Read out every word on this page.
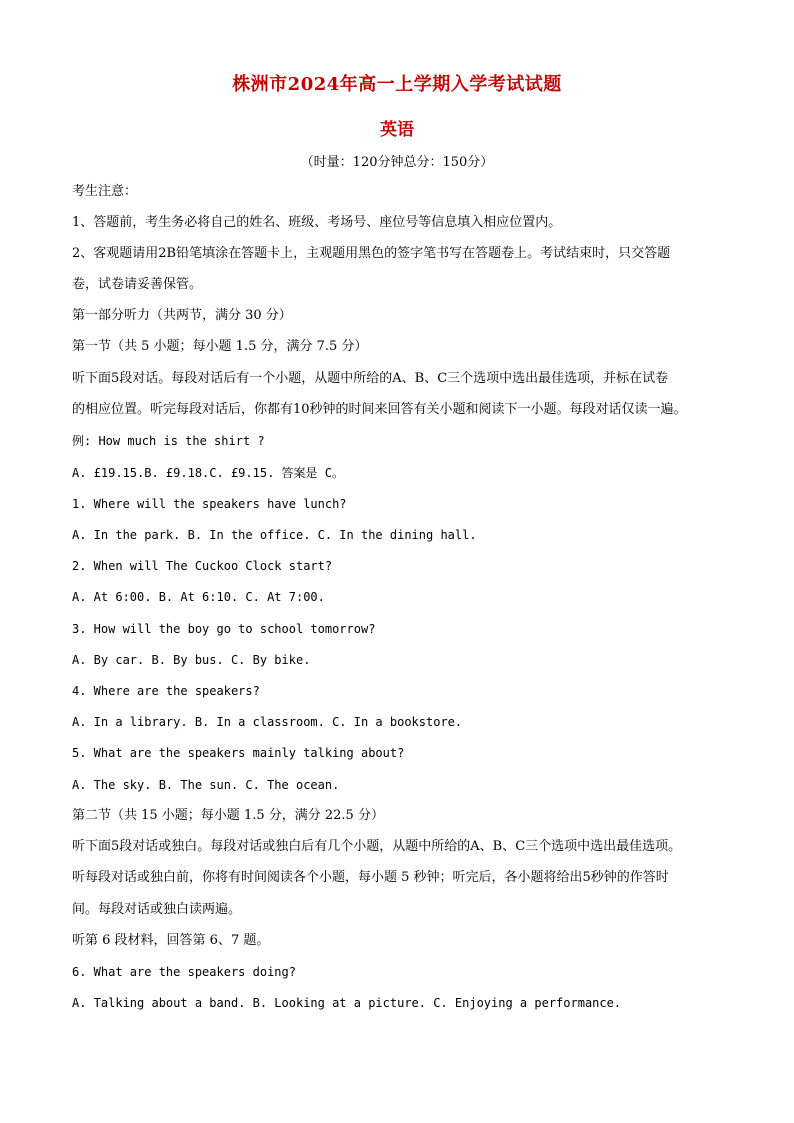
株洲市2024年高一上学期入学考试试题
英语
（时量：120分钟总分：150分）
考生注意：
1、答题前，考生务必将自己的姓名、班级、考场号、座位号等信息填入相应位置内。
2、客观题请用2B铅笔填涂在答题卡上，主观题用黑色的签字笔书写在答题卷上。考试结束时，只交答题
卷，试卷请妥善保管。
第一部分听力（共两节，满分 30 分）
第一节（共 5 小题；每小题 1.5 分，满分 7.5 分）
听下面5段对话。每段对话后有一个小题，从题中所给的A、B、C三个选项中选出最佳选项，并标在试卷
的相应位置。听完每段对话后，你都有10秒钟的时间来回答有关小题和阅读下一小题。每段对话仅读一遍。
例: How much is the shirt ?
A. £19.15.B. £9.18.C. £9.15. 答案是 C。
1. Where will the speakers have lunch?
A. In the park. B. In the office. C. In the dining hall.
2. When will The Cuckoo Clock start?
A. At 6:00. B. At 6:10. C. At 7:00.
3. How will the boy go to school tomorrow?
A. By car. B. By bus. C. By bike.
4. Where are the speakers?
A. In a library. B. In a classroom. C. In a bookstore.
5. What are the speakers mainly talking about?
A. The sky. B. The sun. C. The ocean.
第二节（共 15 小题；每小题 1.5 分，满分 22.5 分）
听下面5段对话或独白。每段对话或独白后有几个小题，从题中所给的A、B、C三个选项中选出最佳选项。
听每段对话或独白前，你将有时间阅读各个小题，每小题 5 秒钟；听完后，各小题将给出5秒钟的作答时
间。每段对话或独白读两遍。
听第 6 段材料，回答第 6、7 题。
6. What are the speakers doing?
A. Talking about a band. B. Looking at a picture. C. Enjoying a performance.
